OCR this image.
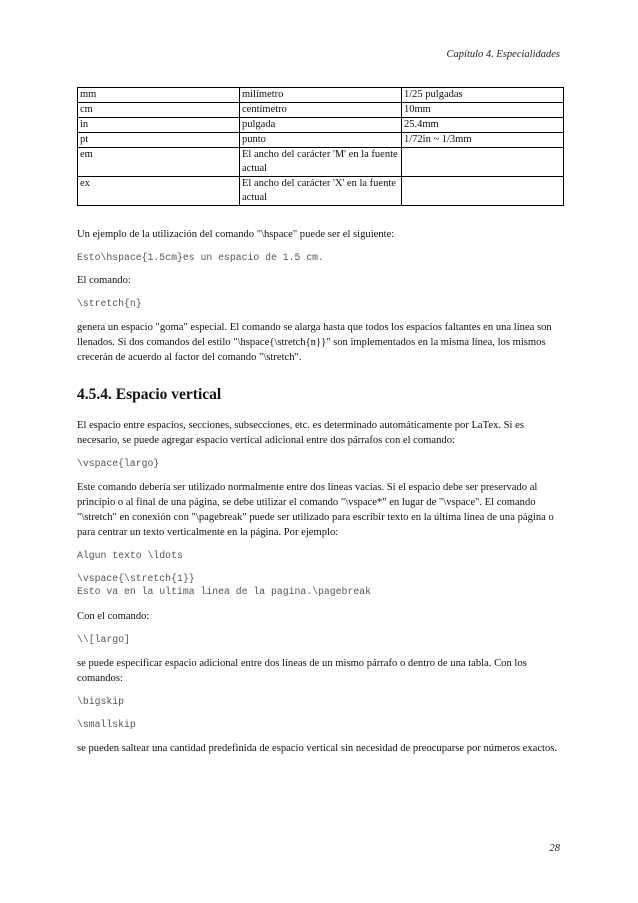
Capítulo 4. Especialidades
mm	milímetro	1/25 pulgadas
cm	centímetro	10mm
in	pulgada	25.4mm
pt	punto	1/72in ~ 1/3mm
em	El ancho del carácter 'M' en la fuente actual	
ex	El ancho del carácter 'X' en la fuente actual	

Un ejemplo de la utilización del comando "\hspace" puede ser el siguiente:

Esto\hspace{1.5cm}es un espacio de 1.5 cm.

El comando:

\stretch{n}

genera un espacio "goma" especial. El comando se alarga hasta que todos los espacios faltantes en una línea son llenados. Si dos comandos del estilo "\hspace{\stretch{n}}" son implementados en la misma línea, los mismos crecerán de acuerdo al factor del comando "\stretch".

4.5.4. Espacio vertical

El espacio entre espacios, secciones, subsecciones, etc. es determinado automáticamente por LaTex. Si es necesario, se puede agregar espacio vertical adicional entre dos párrafos con el comando:

\vspace{largo}

Este comando debería ser utilizado normalmente entre dos líneas vacías. Si el espacio debe ser preservado al principio o al final de una página, se debe utilizar el comando "\vspace*" en lugar de "\vspace". El comando "\stretch" en conexión con "\pagebreak" puede ser utilizado para escribir texto en la última línea de una página o para centrar un texto verticalmente en la página. Por ejemplo:

Algun texto \ldots
\vspace{\stretch{1}}
Esto va en la ultima linea de la pagina.\pagebreak

Con el comando:

\\[largo]

se puede especificar espacio adicional entre dos líneas de un mismo párrafo o dentro de una tabla. Con los comandos:

\bigskip
\smallskip

se pueden saltear una cantidad predefinida de espacio vertical sin necesidad de preocuparse por números exactos.

28
